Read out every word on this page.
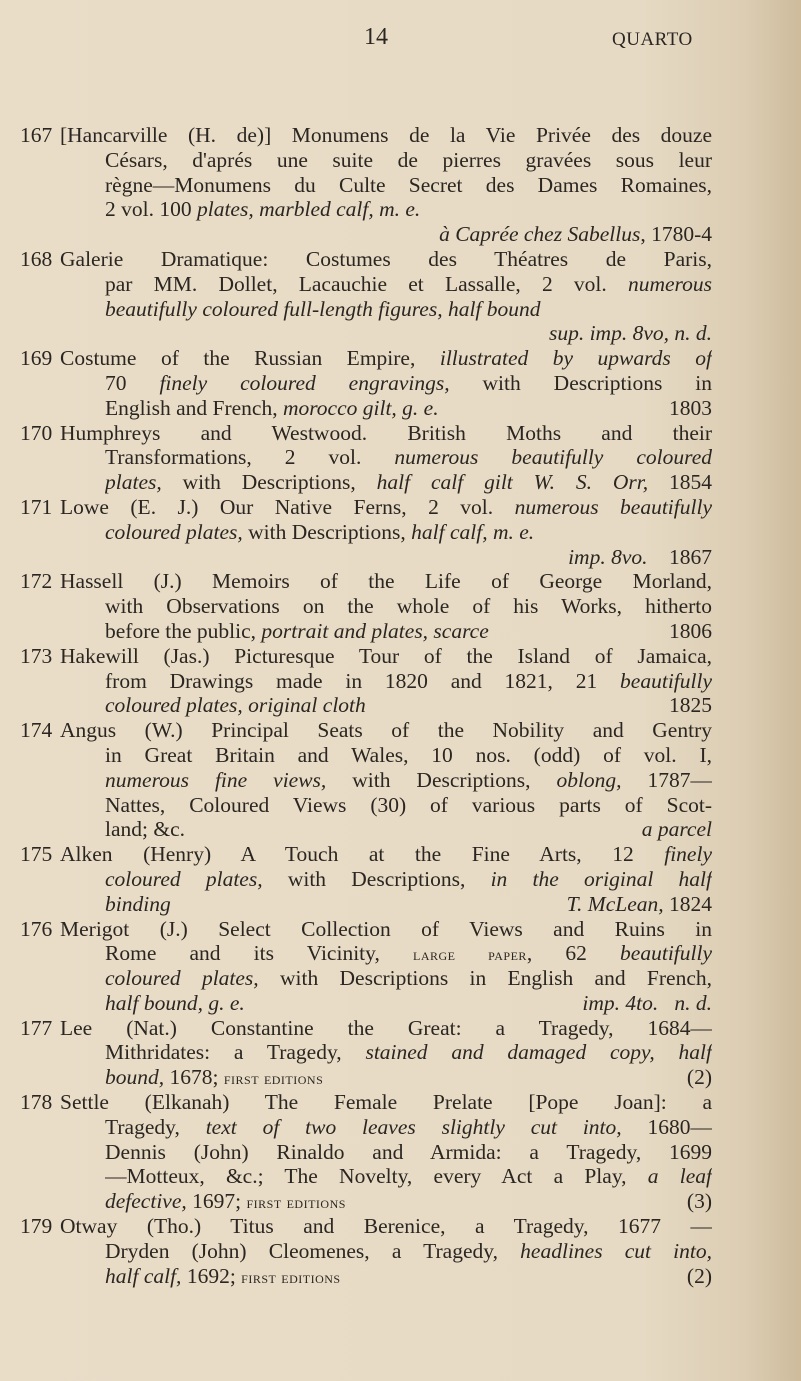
14	QUARTO
167 [Hancarville (H. de)] Monumens de la Vie Privée des douze
Césars, d'aprés une suite de pierres gravées sous leur
règne—Monumens du Culte Secret des Dames Romaines,
2 vol. 100 plates, marbled calf, m. e.
à Caprée chez Sabellus, 1780-4
168 Galerie Dramatique: Costumes des Théatres de Paris,
par MM. Dollet, Lacauchie et Lassalle, 2 vol. numerous
beautifully coloured full-length figures, half bound
sup. imp. 8vo, n. d.
169 Costume of the Russian Empire, illustrated by upwards of
70 finely coloured engravings, with Descriptions in
English and French, morocco gilt, g. e.	1803
170 Humphreys and Westwood. British Moths and their
Transformations, 2 vol. numerous beautifully coloured
plates, with Descriptions, half calf gilt W. S. Orr, 1854
171 Lowe (E. J.) Our Native Ferns, 2 vol. numerous beautifully
coloured plates, with Descriptions, half calf, m. e.
imp. 8vo.    1867
172 Hassell (J.) Memoirs of the Life of George Morland,
with Observations on the whole of his Works, hitherto
before the public, portrait and plates, scarce	1806
173 Hakewill (Jas.) Picturesque Tour of the Island of Jamaica,
from Drawings made in 1820 and 1821, 21 beautifully
coloured plates, original cloth	1825
174 Angus (W.) Principal Seats of the Nobility and Gentry
in Great Britain and Wales, 10 nos. (odd) of vol. I,
numerous fine views, with Descriptions, oblong, 1787—
Nattes, Coloured Views (30) of various parts of Scot-
land; &c.	a parcel
175 Alken (Henry) A Touch at the Fine Arts, 12 finely
coloured plates, with Descriptions, in the original half
binding	T. McLean, 1824
176 Merigot (J.) Select Collection of Views and Ruins in
Rome and its Vicinity, large paper, 62 beautifully
coloured plates, with Descriptions in English and French,
half bound, g. e.	imp. 4to.   n. d.
177 Lee (Nat.) Constantine the Great: a Tragedy, 1684—
Mithridates: a Tragedy, stained and damaged copy, half
bound, 1678; first editions	(2)
178 Settle (Elkanah) The Female Prelate [Pope Joan]: a
Tragedy, text of two leaves slightly cut into, 1680—
Dennis (John) Rinaldo and Armida: a Tragedy, 1699
—Motteux, &c.; The Novelty, every Act a Play, a leaf
defective, 1697; first editions	(3)
179 Otway (Tho.) Titus and Berenice, a Tragedy, 1677 —
Dryden (John) Cleomenes, a Tragedy, headlines cut into,
half calf, 1692; first editions	(2)
